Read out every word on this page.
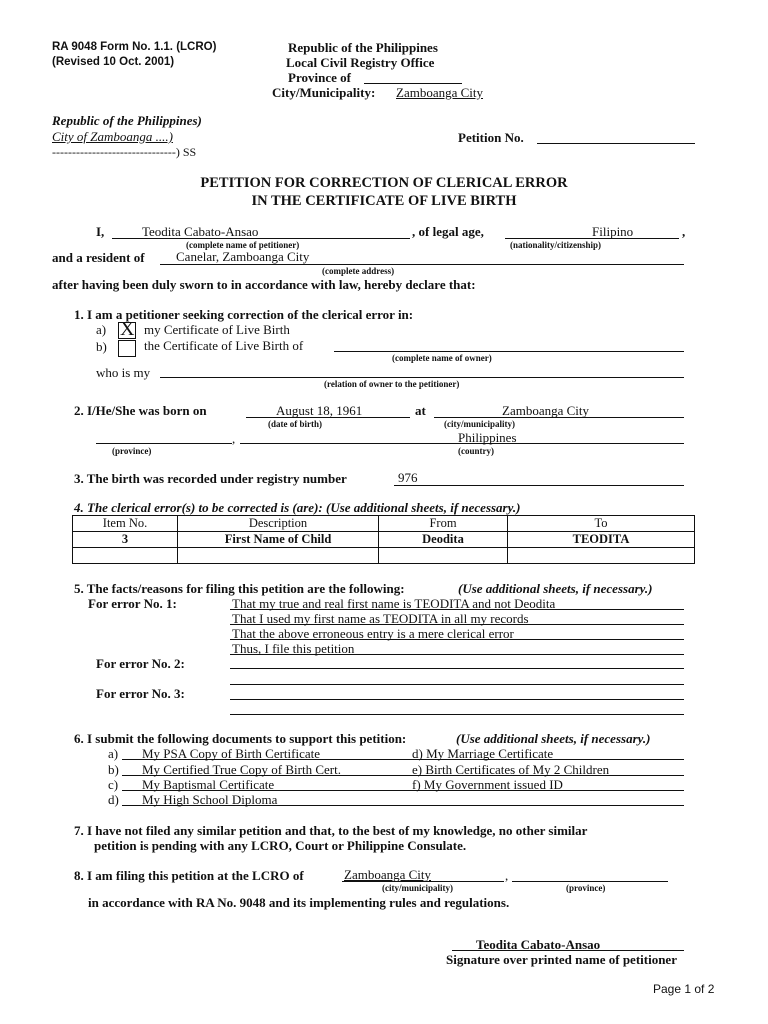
RA 9048 Form No. 1.1. (LCRO)
(Revised 10 Oct. 2001)
Republic of the Philippines
Local Civil Registry Office
Province of
City/Municipality: Zamboanga City
Republic of the Philippines)
City of Zamboanga ....)
-------------------------------) SS
Petition No.
PETITION FOR CORRECTION OF CLERICAL ERROR
IN THE CERTIFICATE OF LIVE BIRTH
I,	Teodita Cabato-Ansao	, of legal age,	Filipino	,
(complete name of petitioner)	(nationality/citizenship)
and a resident of Canelar, Zamboanga City
(complete address)
after having been duly sworn to in accordance with law, hereby declare that:
1. I am a petitioner seeking correction of the clerical error in:
a) X my Certificate of Live Birth
b)	the Certificate of Live Birth of
(complete name of owner)
who is my
(relation of owner to the petitioner)
2. I/He/She was born on	August 18, 1961	at	Zamboanga City
(date of birth)	(city/municipality)
,	Philippines
(province)	(country)
3. The birth was recorded under registry number	976
4. The clerical error(s) to be corrected is (are): (Use additional sheets, if necessary.)
Item No.	Description	From	To
3	First Name of Child	Deodita	TEODITA

5. The facts/reasons for filing this petition are the following:	(Use additional sheets, if necessary.)
For error No. 1:	That my true and real first name is TEODITA and not Deodita
That I used my first name as TEODITA in all my records
That the above erroneous entry is a mere clerical error
Thus, I file this petition
For error No. 2:
For error No. 3:
6. I submit the following documents to support this petition:	(Use additional sheets, if necessary.)
a) My PSA Copy of Birth Certificate	d) My Marriage Certificate
b) My Certified True Copy of Birth Cert.	e) Birth Certificates of My 2 Children
c) My Baptismal Certificate	f) My Government issued ID
d) My High School Diploma
7. I have not filed any similar petition and that, to the best of my knowledge, no other similar
petition is pending with any LCRO, Court or Philippine Consulate.
8. I am filing this petition at the LCRO of	Zamboanga City	,
(city/municipality)	(province)
in accordance with RA No. 9048 and its implementing rules and regulations.
Teodita Cabato-Ansao
Signature over printed name of petitioner
Page 1 of 2
